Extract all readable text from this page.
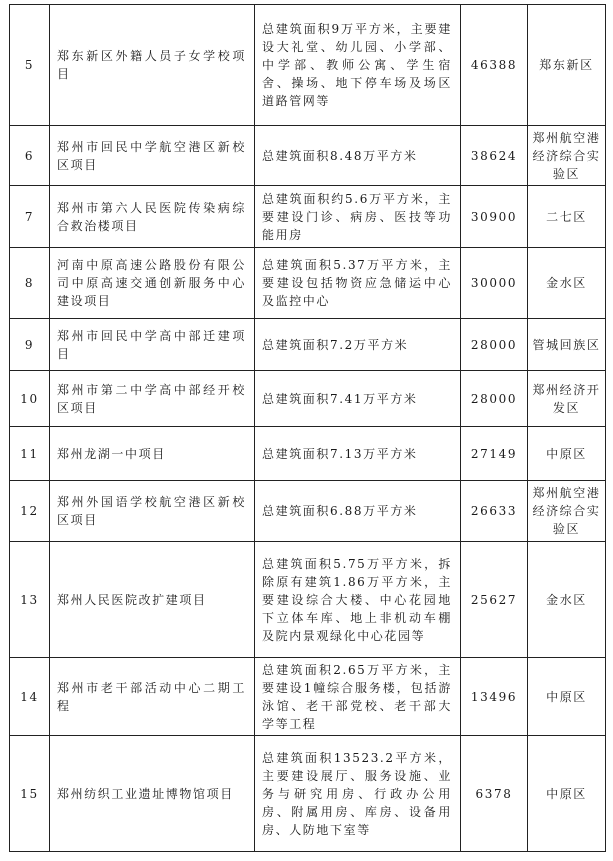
5	郑东新区外籍人员子女学校项目	总建筑面积9万平方米，主要建设大礼堂、幼儿园、小学部、中学部、教师公寓、学生宿舍、操场、地下停车场及场区道路管网等	46388	郑东新区
6	郑州市回民中学航空港区新校区项目	总建筑面积8.48万平方米	38624	郑州航空港经济综合实验区
7	郑州市第六人民医院传染病综合救治楼项目	总建筑面积约5.6万平方米，主要建设门诊、病房、医技等功能用房	30900	二七区
8	河南中原高速公路股份有限公司中原高速交通创新服务中心建设项目	总建筑面积5.37万平方米，主要建设包括物资应急储运中心及监控中心	30000	金水区
9	郑州市回民中学高中部迁建项目	总建筑面积7.2万平方米	28000	管城回族区
10	郑州市第二中学高中部经开校区项目	总建筑面积7.41万平方米	28000	郑州经济开发区
11	郑州龙湖一中项目	总建筑面积7.13万平方米	27149	中原区
12	郑州外国语学校航空港区新校区项目	总建筑面积6.88万平方米	26633	郑州航空港经济综合实验区
13	郑州人民医院改扩建项目	总建筑面积5.75万平方米，拆除原有建筑1.86万平方米，主要建设综合大楼、中心花园地下立体车库、地上非机动车棚及院内景观绿化中心花园等	25627	金水区
14	郑州市老干部活动中心二期工程	总建筑面积2.65万平方米，主要建设1幢综合服务楼，包括游泳馆、老干部党校、老干部大学等工程	13496	中原区
15	郑州纺织工业遗址博物馆项目	总建筑面积13523.2平方米，主要建设展厅、服务设施、业务与研究用房、行政办公用房、附属用房、库房、设备用房、人防地下室等	6378	中原区
